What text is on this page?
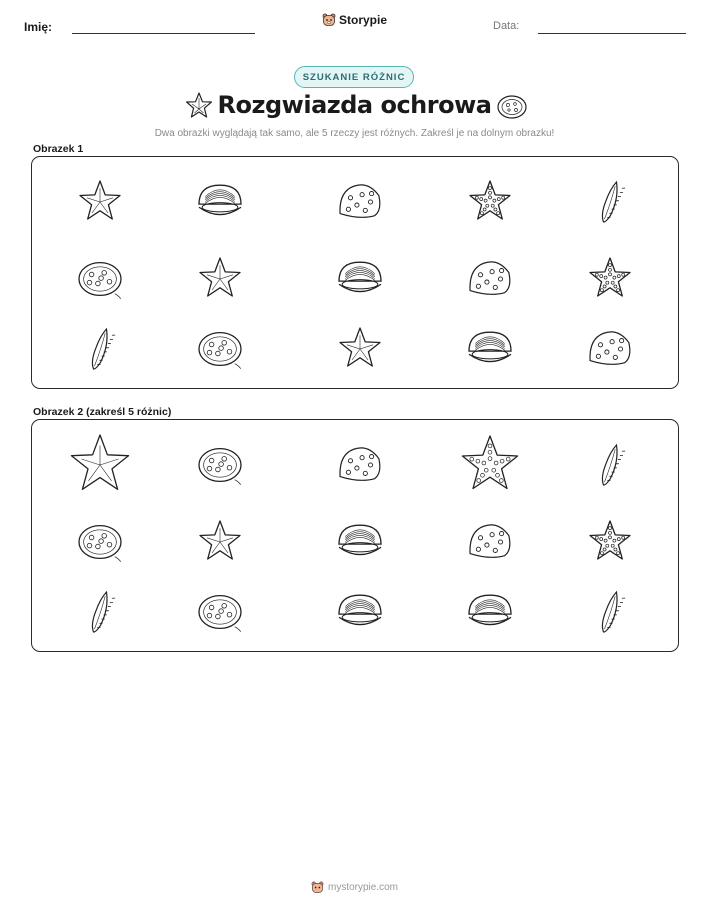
Imię:	Storypie	Data:
SZUKANIE RÓŻNIC
Rozgwiazda ochrowa
Dwa obrazki wyglądają tak samo, ale 5 rzeczy jest różnych. Zakreśl je na dolnym obrazku!
Obrazek 1
Obrazek 2 (zakreśl 5 różnic)
mystorypie.com
